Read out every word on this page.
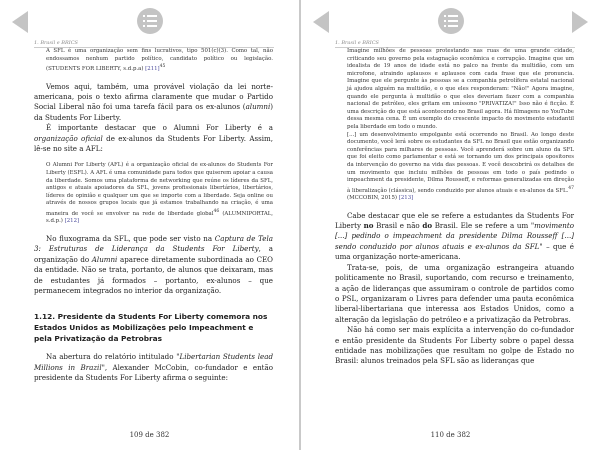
1. Brasil e BRICS

A SFL é uma organização sem fins lucrativos, tipo 501(c)(3). Como tal, não endossamos nenhum partido político, candidato político ou legislação. (STUDENTS FOR LIBERTY, s.d.p.a) $[211]^{45}$

Vemos aqui, também, uma provável violação da lei norte-americana, pois o texto afirma claramente que mudar o Partido Social Liberal não foi uma tarefa fácil para os ex-alunos (alumni) da Students For Liberty.

É importante destacar que o Alumni For Liberty é a organização oficial de ex-alunos da Students For Liberty. Assim, lê-se no site a AFL:

O Alumni For Liberty (AFL) é a organização oficial de ex-alunos do Students For Liberty (ESFL). A AFL é uma comunidade para todos que quiserem apoiar a causa da liberdade. Somos uma plataforma de networking que reúne os líderes da SFL, antigos e atuais apoiadores da SFL, jovens profissionais libertários, libertários, líderes de opinião e qualquer um que se importe com a liberdade. Seja online ou através de nossos grupos locais que já estamos trabalhando na criação, é uma maneira de você se envolver na rede de liberdade global$^{46}$ (ALUMNIPORTAL, s.d.p.) [212]

No fluxograma da SFL, que pode ser visto na Captura de Tela 3: Estruturas de Liderança da Students For Liberty, a organização do Alumni aparece diretamente subordinada ao CEO da entidade. Não se trata, portanto, de alunos que deixaram, mas de estudantes já formados – portanto, ex-alunos – que permanecem integrados no interior da organização.

1.12. Presidente da Students For Liberty comemora nos Estados Unidos as Mobilizações pelo Impeachment e pela Privatização da Petrobras

Na abertura do relatório intitulado "Libertarian Students lead Millions in Brazil", Alexander McCobin, co-fundador e então presidente da Students For Liberty afirma o seguinte:

109 de 382
1. Brasil e BRICS

Imagine milhões de pessoas protestando nas ruas de uma grande cidade, criticando seu governo pela estagnação econômica e corrupção. Imagine que um idealista de 19 anos de idade está no palco na frente da multidão, com um microfone, atraindo aplausos e aplausos com cada frase que ele pronuncia. Imagine que ele pergunte às pessoas se a companhia petrolífera estatal nacional já ajudou alguém na multidão, e o que eles responderam: "Não!" Agora imagine, quando ele pergunta à multidão o que eles deveriam fazer com a companhia nacional de petróleo, eles gritam em uníssono "PRIVATIZA!" Isso não é ficção. É uma descrição do que está acontecendo no Brasil agora. Há filmagens no YouTube dessa mesma cena. É um exemplo do crescente impacto do movimento estudantil pela liberdade em todo o mundo.

[...] um desenvolvimento empolgante está ocorrendo no Brasil. Ao longo deste documento, você lerá sobre os estudantes da SFL no Brasil que estão organizando conferências para milhares de pessoas. Você aprenderá sobre um aluno da SFL que foi eleito como parlamentar e está se tornando um dos principais opositores da intervenção do governo na vida das pessoas. E você descobrirá os detalhes de um movimento que incluiu milhões de pessoas em todo o país pedindo o impeachment da presidente, Dilma Rousseff, e reformas generalizadas em direção à liberalização (clássica), sendo conduzido por alunos atuais e ex-alunos da SFL.$^{47}$ (MCCOBIN, 2015) [213]

Cabe destacar que ele se refere a estudantes da Students For Liberty no Brasil e não do Brasil. Ele se refere a um "movimento [...] pedindo o impeachment da presidente Dilma Rousseff [...] sendo conduzido por alunos atuais e ex-alunos da SFL" – que é uma organização norte-americana.

Trata-se, pois, de uma organização estrangeira atuando politicamente no Brasil, suportando, com recurso e treinamento, a ação de lideranças que assumiram o controle de partidos como o PSL, organizaram o Livres para defender uma pauta econômica liberal-libertariana que interessa aos Estados Unidos, como a alteração da legislação do petróleo e a privatização da Petrobras.

Não há como ser mais explícita a intervenção do co-fundador e então presidente da Students For Liberty sobre o papel dessa entidade nas mobilizações que resultam no golpe de Estado no Brasil: alunos treinados pela SFL são as lideranças que

110 de 382
